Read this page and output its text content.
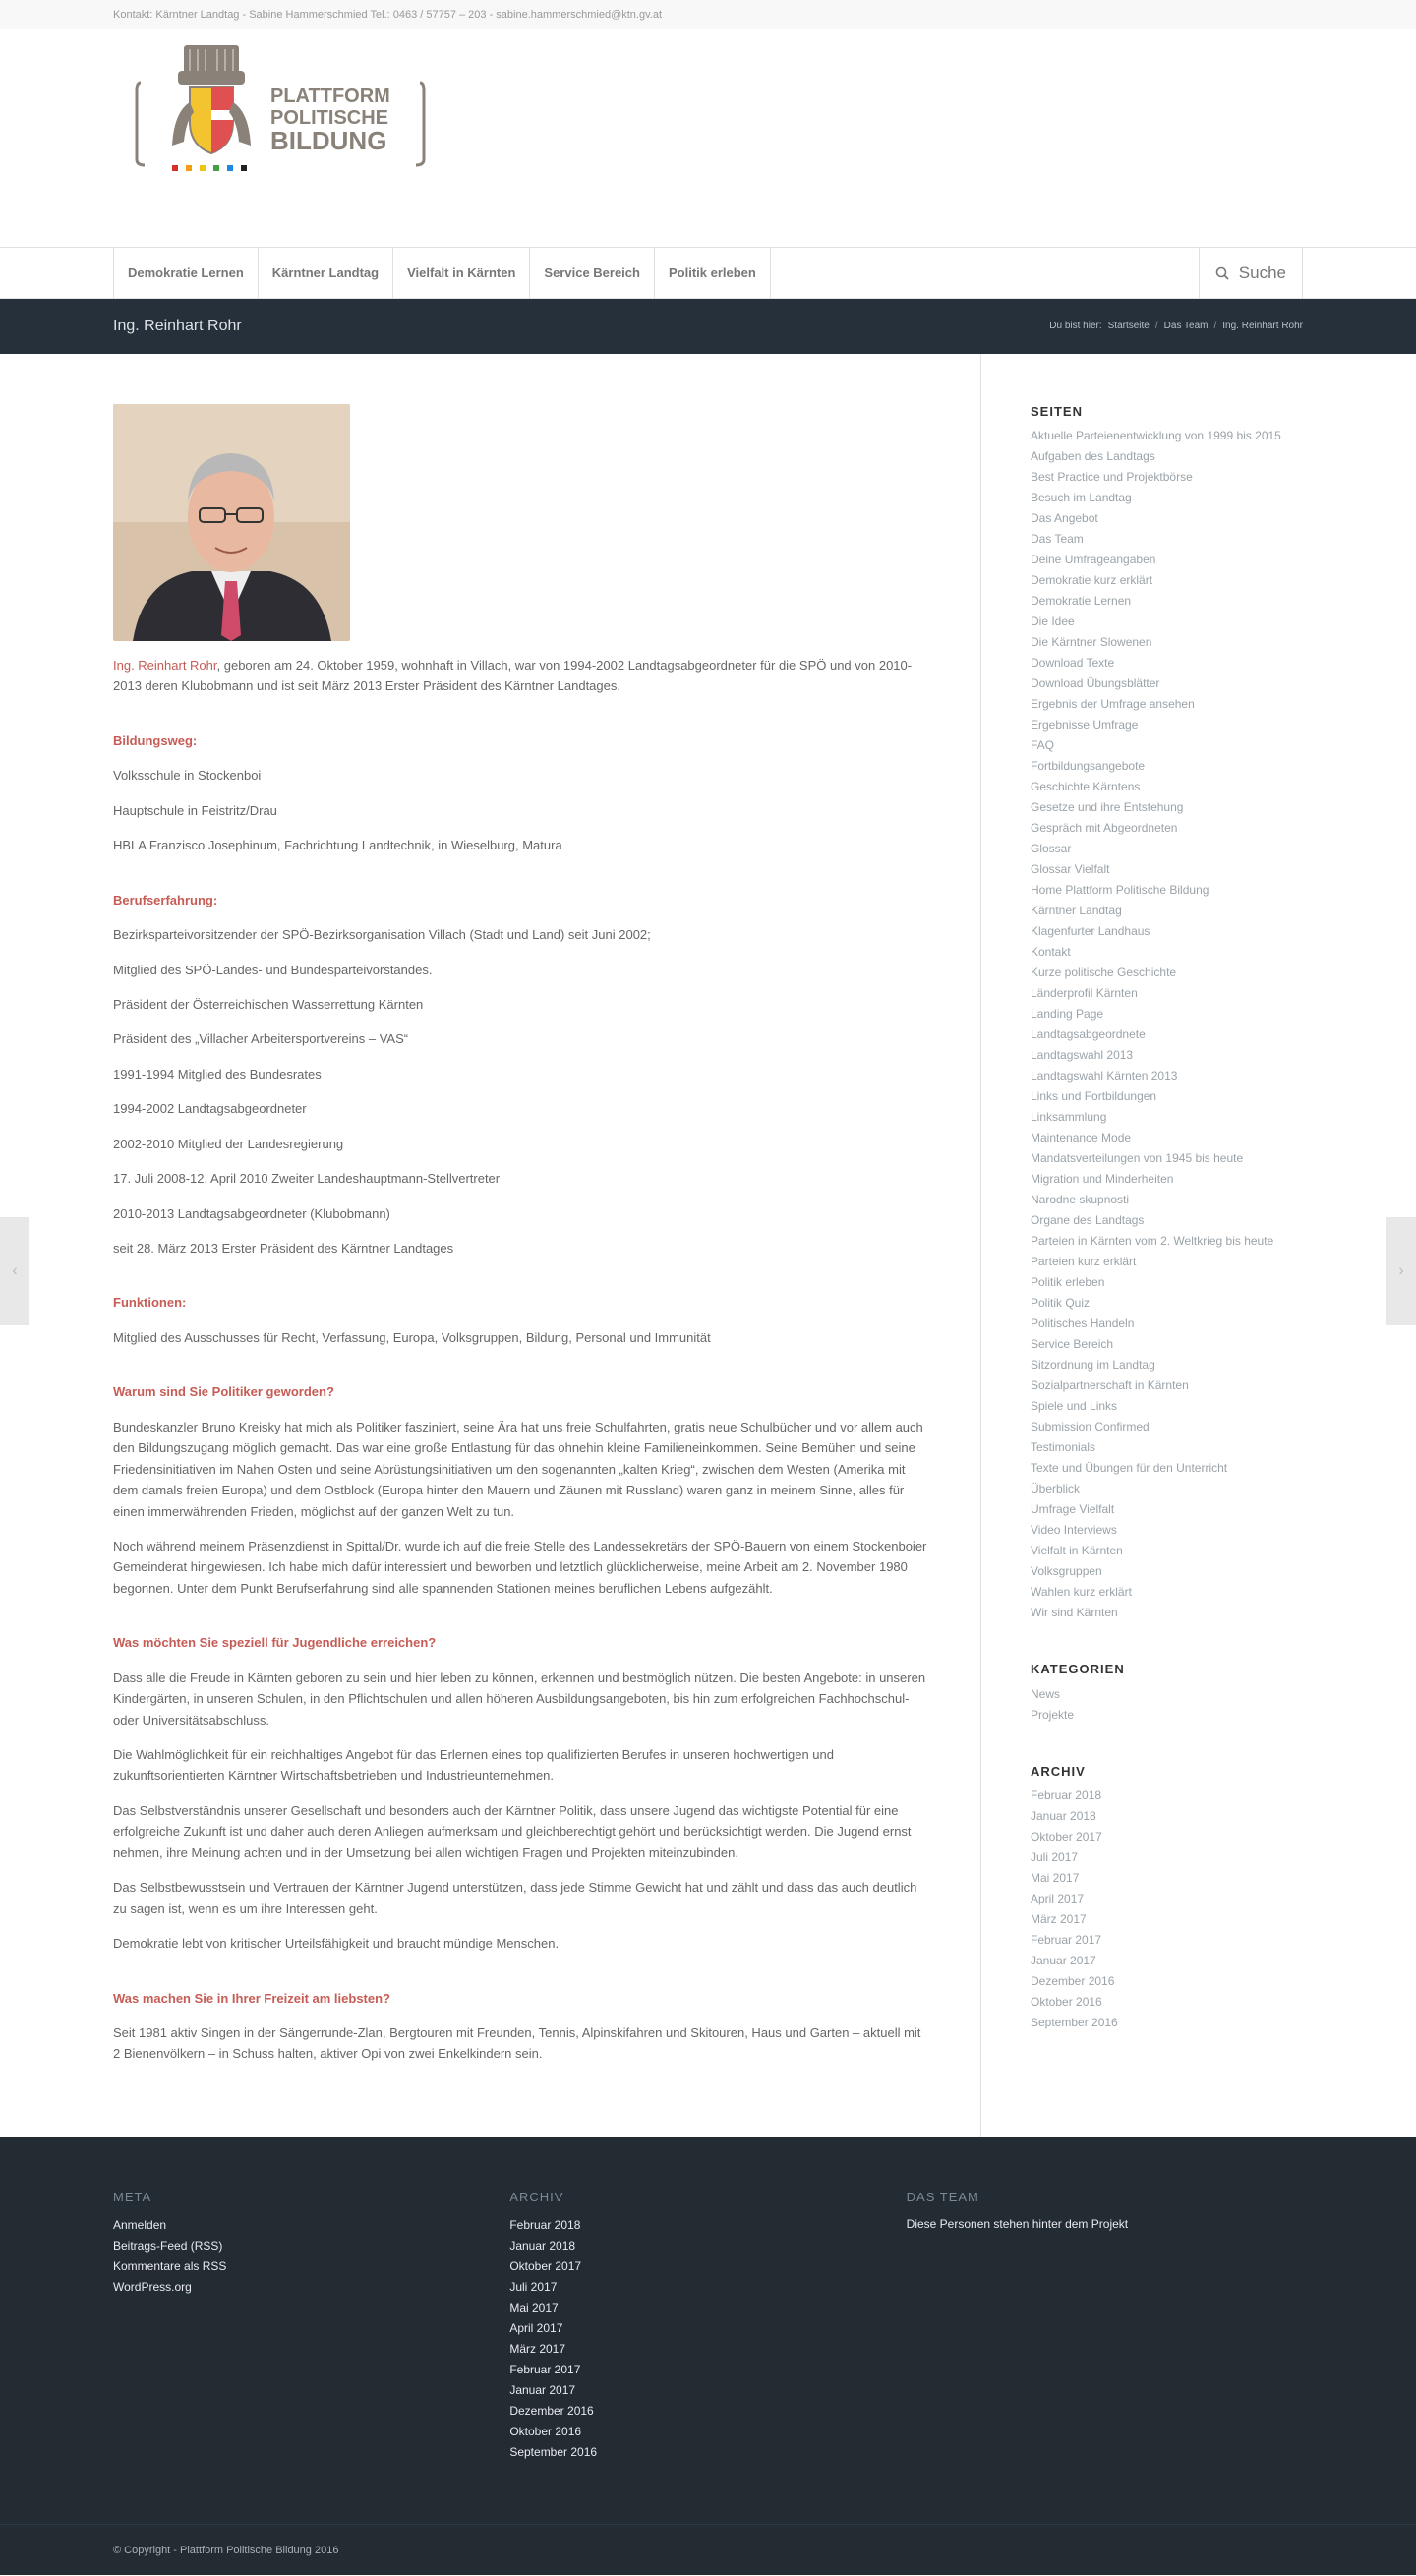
Kontakt: Kärntner Landtag - Sabine Hammerschmied Tel.: 0463 / 57757 – 203 - sabine.hammerschmied@ktn.gv.at
PLATTFORM
POLITISCHE
BILDUNG
Demokratie Lernen	Kärntner Landtag	Vielfalt in Kärnten	Service Bereich	Politik erleben	Suche
Ing. Reinhart Rohr	Du bist hier: Startseite / Das Team / Ing. Reinhart Rohr

Ing. Reinhart Rohr, geboren am 24. Oktober 1959, wohnhaft in Villach, war von 1994-2002 Landtagsabgeordneter für die SPÖ und von 2010-2013 deren Klubobmann und ist seit März 2013 Erster Präsident des Kärntner Landtages.

Bildungsweg:

Volksschule in Stockenboi

Hauptschule in Feistritz/Drau

HBLA Franzisco Josephinum, Fachrichtung Landtechnik, in Wieselburg, Matura

Berufserfahrung:

Bezirksparteivorsitzender der SPÖ-Bezirksorganisation Villach (Stadt und Land) seit Juni 2002;

Mitglied des SPÖ-Landes- und Bundesparteivorstandes.

Präsident der Österreichischen Wasserrettung Kärnten

Präsident des „Villacher Arbeitersportvereins – VAS“

1991-1994 Mitglied des Bundesrates

1994-2002 Landtagsabgeordneter

2002-2010 Mitglied der Landesregierung

17. Juli 2008-12. April 2010 Zweiter Landeshauptmann-Stellvertreter

2010-2013 Landtagsabgeordneter (Klubobmann)

seit 28. März 2013 Erster Präsident des Kärntner Landtages

Funktionen:

Mitglied des Ausschusses für Recht, Verfassung, Europa, Volksgruppen, Bildung, Personal und Immunität

Warum sind Sie Politiker geworden?

Bundeskanzler Bruno Kreisky hat mich als Politiker fasziniert, seine Ära hat uns freie Schulfahrten, gratis neue Schulbücher und vor allem auch den Bildungszugang möglich gemacht. Das war eine große Entlastung für das ohnehin kleine Familieneinkommen. Seine Bemühen und seine Friedensinitiativen im Nahen Osten und seine Abrüstungsinitiativen um den sogenannten „kalten Krieg“, zwischen dem Westen (Amerika mit dem damals freien Europa) und dem Ostblock (Europa hinter den Mauern und Zäunen mit Russland) waren ganz in meinem Sinne, alles für einen immerwährenden Frieden, möglichst auf der ganzen Welt zu tun.

Noch während meinem Präsenzdienst in Spittal/Dr. wurde ich auf die freie Stelle des Landessekretärs der SPÖ-Bauern von einem Stockenboier Gemeinderat hingewiesen. Ich habe mich dafür interessiert und beworben und letztlich glücklicherweise, meine Arbeit am 2. November 1980 begonnen. Unter dem Punkt Berufserfahrung sind alle spannenden Stationen meines beruflichen Lebens aufgezählt.

Was möchten Sie speziell für Jugendliche erreichen?

Dass alle die Freude in Kärnten geboren zu sein und hier leben zu können, erkennen und bestmöglich nützen. Die besten Angebote: in unseren Kindergärten, in unseren Schulen, in den Pflichtschulen und allen höheren Ausbildungsangeboten, bis hin zum erfolgreichen Fachhochschul- oder Universitätsabschluss.

Die Wahlmöglichkeit für ein reichhaltiges Angebot für das Erlernen eines top qualifizierten Berufes in unseren hochwertigen und zukunftsorientierten Kärntner Wirtschaftsbetrieben und Industrieunternehmen.

Das Selbstverständnis unserer Gesellschaft und besonders auch der Kärntner Politik, dass unsere Jugend das wichtigste Potential für eine erfolgreiche Zukunft ist und daher auch deren Anliegen aufmerksam und gleichberechtigt gehört und berücksichtigt werden. Die Jugend ernst nehmen, ihre Meinung achten und in der Umsetzung bei allen wichtigen Fragen und Projekten miteinzubinden.

Das Selbstbewusstsein und Vertrauen der Kärntner Jugend unterstützen, dass jede Stimme Gewicht hat und zählt und dass das auch deutlich zu sagen ist, wenn es um ihre Interessen geht.

Demokratie lebt von kritischer Urteilsfähigkeit und braucht mündige Menschen.

Was machen Sie in Ihrer Freizeit am liebsten?

Seit 1981 aktiv Singen in der Sängerrunde-Zlan, Bergtouren mit Freunden, Tennis, Alpinskifahren und Skitouren, Haus und Garten – aktuell mit 2 Bienenvölkern – in Schuss halten, aktiver Opi von zwei Enkelkindern sein.

SEITEN
Aktuelle Parteienentwicklung von 1999 bis 2015
Aufgaben des Landtags
Best Practice und Projektbörse
Besuch im Landtag
Das Angebot
Das Team
Deine Umfrageangaben
Demokratie kurz erklärt
Demokratie Lernen
Die Idee
Die Kärntner Slowenen
Download Texte
Download Übungsblätter
Ergebnis der Umfrage ansehen
Ergebnisse Umfrage
FAQ
Fortbildungsangebote
Geschichte Kärntens
Gesetze und ihre Entstehung
Gespräch mit Abgeordneten
Glossar
Glossar Vielfalt
Home Plattform Politische Bildung
Kärntner Landtag
Klagenfurter Landhaus
Kontakt
Kurze politische Geschichte
Länderprofil Kärnten
Landing Page
Landtagsabgeordnete
Landtagswahl 2013
Landtagswahl Kärnten 2013
Links und Fortbildungen
Linksammlung
Maintenance Mode
Mandatsverteilungen von 1945 bis heute
Migration und Minderheiten
Narodne skupnosti
Organe des Landtags
Parteien in Kärnten vom 2. Weltkrieg bis heute
Parteien kurz erklärt
Politik erleben
Politik Quiz
Politisches Handeln
Service Bereich
Sitzordnung im Landtag
Sozialpartnerschaft in Kärnten
Spiele und Links
Submission Confirmed
Testimonials
Texte und Übungen für den Unterricht
Überblick
Umfrage Vielfalt
Video Interviews
Vielfalt in Kärnten
Volksgruppen
Wahlen kurz erklärt
Wir sind Kärnten
KATEGORIEN
News
Projekte
ARCHIV
Februar 2018
Januar 2018
Oktober 2017
Juli 2017
Mai 2017
April 2017
März 2017
Februar 2017
Januar 2017
Dezember 2016
Oktober 2016
September 2016
‹	›
META
Anmelden
Beitrags-Feed (RSS)
Kommentare als RSS
WordPress.org
ARCHIV
Februar 2018
Januar 2018
Oktober 2017
Juli 2017
Mai 2017
April 2017
März 2017
Februar 2017
Januar 2017
Dezember 2016
Oktober 2016
September 2016
DAS TEAM

Diese Personen stehen hinter dem Projekt

© Copyright - Plattform Politische Bildung 2016
